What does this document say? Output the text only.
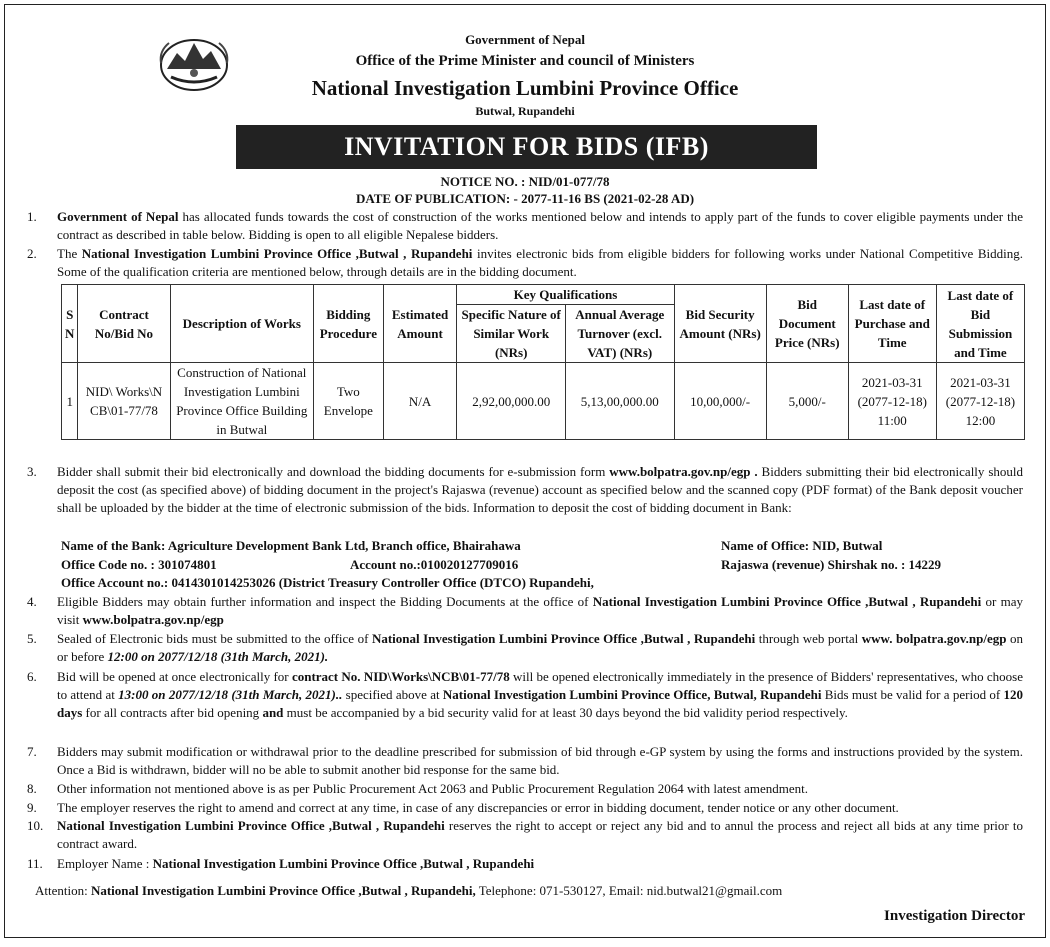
Government of Nepal
Office of the Prime Minister and council of Ministers
National Investigation Lumbini Province Office
Butwal, Rupandehi
INVITATION FOR BIDS (IFB)
NOTICE NO. : NID/01-077/78
DATE OF PUBLICATION: - 2077-11-16 BS (2021-02-28 AD)
1.	Government of Nepal has allocated funds towards the cost of construction of the works mentioned below and intends to apply part of the funds to cover eligible payments under the contract as described in table below. Bidding is open to all eligible Nepalese bidders.
2.	The National Investigation Lumbini Province Office ,Butwal , Rupandehi invites electronic bids from eligible bidders for following works under National Competitive Bidding. Some of the qualification criteria are mentioned below, through details are in the bidding document.
S N	Contract No/Bid No	Description of Works	Bidding Procedure	Estimated Amount	Key Qualifications		Bid Security Amount (NRs)	Bid Document Price (NRs)	Last date of Purchase and Time	Last date of Bid Submission and Time
					Specific Nature of Similar Work (NRs)	Annual Average Turnover (excl. VAT) (NRs)				
1	NID\ Works\N CB\01-77/78	Construction of National Investigation Lumbini Province Office Building in Butwal	Two Envelope	N/A	2,92,00,000.00	5,13,00,000.00	10,00,000/-	5,000/-	2021-03-31 (2077-12-18) 11:00	2021-03-31 (2077-12-18) 12:00
3.	Bidder shall submit their bid electronically and download the bidding documents for e-submission form www.bolpatra.gov.np/egp . Bidders submitting their bid electronically should deposit the cost (as specified above) of bidding document in the project's Rajaswa (revenue) account as specified below and the scanned copy (PDF format) of the Bank deposit voucher shall be uploaded by the bidder at the time of electronic submission of the bids. Information to deposit the cost of bidding document in Bank:
Name of the Bank: Agriculture Development Bank Ltd, Branch office, Bhairahawa	Name of Office: NID, Butwal
Office Code no. : 301074801	Account no.:010020127709016	Rajaswa (revenue) Shirshak no. : 14229
Office Account no.: 0414301014253026 (District Treasury Controller Office (DTCO) Rupandehi,
4.	Eligible Bidders may obtain further information and inspect the Bidding Documents at the office of National Investigation Lumbini Province Office ,Butwal , Rupandehi or may visit www.bolpatra.gov.np/egp
5.	Sealed of Electronic bids must be submitted to the office of National Investigation Lumbini Province Office ,Butwal , Rupandehi through web portal www. bolpatra.gov.np/egp on or before 12:00 on 2077/12/18 (31th March, 2021).
6.	Bid will be opened at once electronically for contract No. NID\Works\NCB\01-77/78 will be opened electronically immediately in the presence of Bidders' representatives, who choose to attend at 13:00 on 2077/12/18 (31th March, 2021).. specified above at National Investigation Lumbini Province Office, Butwal, Rupandehi Bids must be valid for a period of 120 days for all contracts after bid opening and must be accompanied by a bid security valid for at least 30 days beyond the bid validity period respectively.
7.	Bidders may submit modification or withdrawal prior to the deadline prescribed for submission of bid through e-GP system by using the forms and instructions provided by the system. Once a Bid is withdrawn, bidder will no be able to submit another bid response for the same bid.
8.	Other information not mentioned above is as per Public Procurement Act 2063 and Public Procurement Regulation 2064 with latest amendment.
9.	The employer reserves the right to amend and correct at any time, in case of any discrepancies or error in bidding document, tender notice or any other document.
10.	National Investigation Lumbini Province Office ,Butwal , Rupandehi reserves the right to accept or reject any bid and to annul the process and reject all bids at any time prior to contract award.
11.	Employer Name : National Investigation Lumbini Province Office ,Butwal , Rupandehi
Attention: National Investigation Lumbini Province Office ,Butwal , Rupandehi, Telephone: 071-530127, Email: nid.butwal21@gmail.com
Investigation Director
